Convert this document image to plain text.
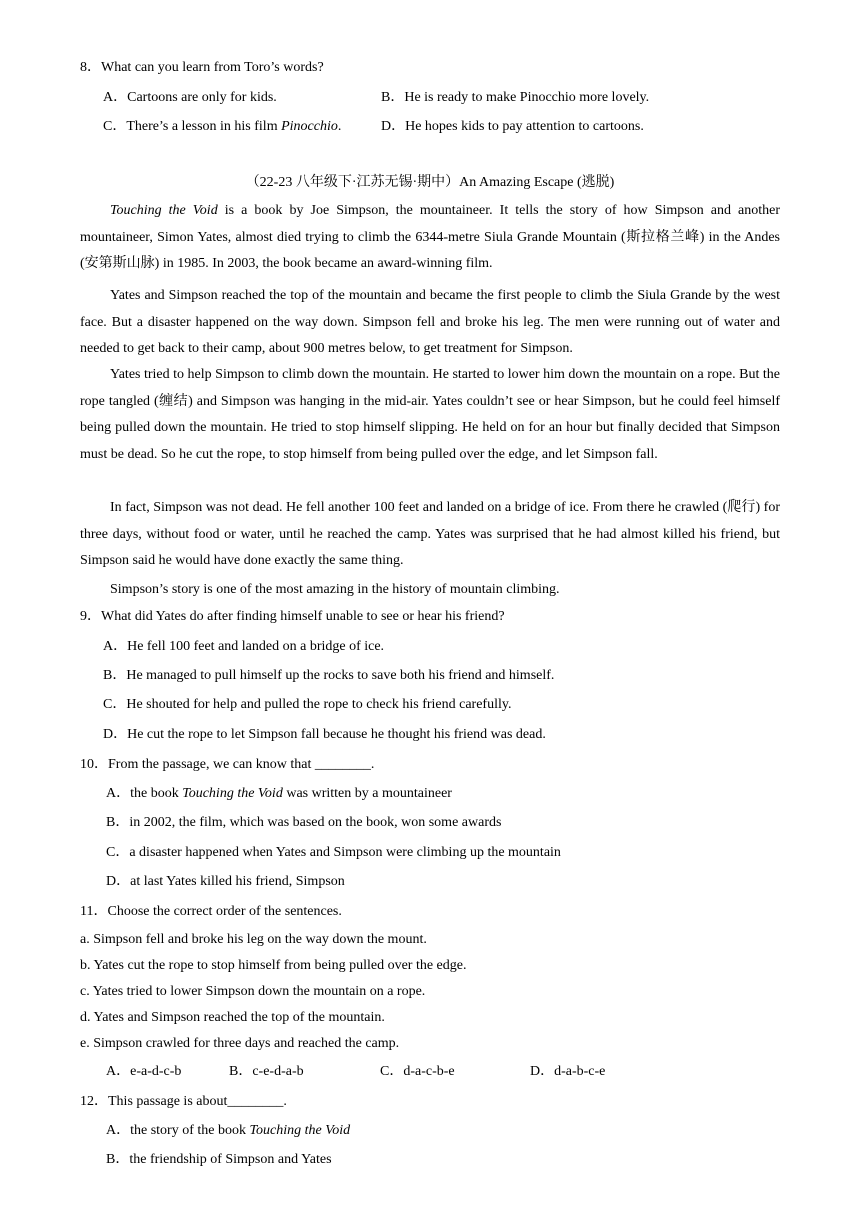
8．What can you learn from Toro’s words?
A．Cartoons are only for kids.	B．He is ready to make Pinocchio more lovely.
C．There’s a lesson in his film Pinocchio.	D．He hopes kids to pay attention to cartoons.
（22-23 八年级下·江苏无锡·期中）An Amazing Escape (逃脱)
Touching the Void is a book by Joe Simpson, the mountaineer. It tells the story of how Simpson and another mountaineer, Simon Yates, almost died trying to climb the 6344-metre Siula Grande Mountain (斯拉格兰峰) in the Andes (安第斯山脉) in 1985. In 2003, the book became an award-winning film.
Yates and Simpson reached the top of the mountain and became the first people to climb the Siula Grande by the west face. But a disaster happened on the way down. Simpson fell and broke his leg. The men were running out of water and needed to get back to their camp, about 900 metres below, to get treatment for Simpson.
Yates tried to help Simpson to climb down the mountain. He started to lower him down the mountain on a rope. But the rope tangled (缠结) and Simpson was hanging in the mid-air. Yates couldn’t see or hear Simpson, but he could feel himself being pulled down the mountain. He tried to stop himself slipping. He held on for an hour but finally decided that Simpson must be dead. So he cut the rope, to stop himself from being pulled over the edge, and let Simpson fall.
In fact, Simpson was not dead. He fell another 100 feet and landed on a bridge of ice. From there he crawled (爬行) for three days, without food or water, until he reached the camp. Yates was surprised that he had almost killed his friend, but Simpson said he would have done exactly the same thing.
Simpson’s story is one of the most amazing in the history of mountain climbing.
9．What did Yates do after finding himself unable to see or hear his friend?
A．He fell 100 feet and landed on a bridge of ice.
B．He managed to pull himself up the rocks to save both his friend and himself.
C．He shouted for help and pulled the rope to check his friend carefully.
D．He cut the rope to let Simpson fall because he thought his friend was dead.
10．From the passage, we can know that ________.
A．the book Touching the Void was written by a mountaineer
B．in 2002, the film, which was based on the book, won some awards
C．a disaster happened when Yates and Simpson were climbing up the mountain
D．at last Yates killed his friend, Simpson
11．Choose the correct order of the sentences.
a. Simpson fell and broke his leg on the way down the mount.
b. Yates cut the rope to stop himself from being pulled over the edge.
c. Yates tried to lower Simpson down the mountain on a rope.
d. Yates and Simpson reached the top of the mountain.
e. Simpson crawled for three days and reached the camp.
A．e-a-d-c-b	B．c-e-d-a-b	C．d-a-c-b-e	D．d-a-b-c-e
12．This passage is about________.
A．the story of the book Touching the Void
B．the friendship of Simpson and Yates
